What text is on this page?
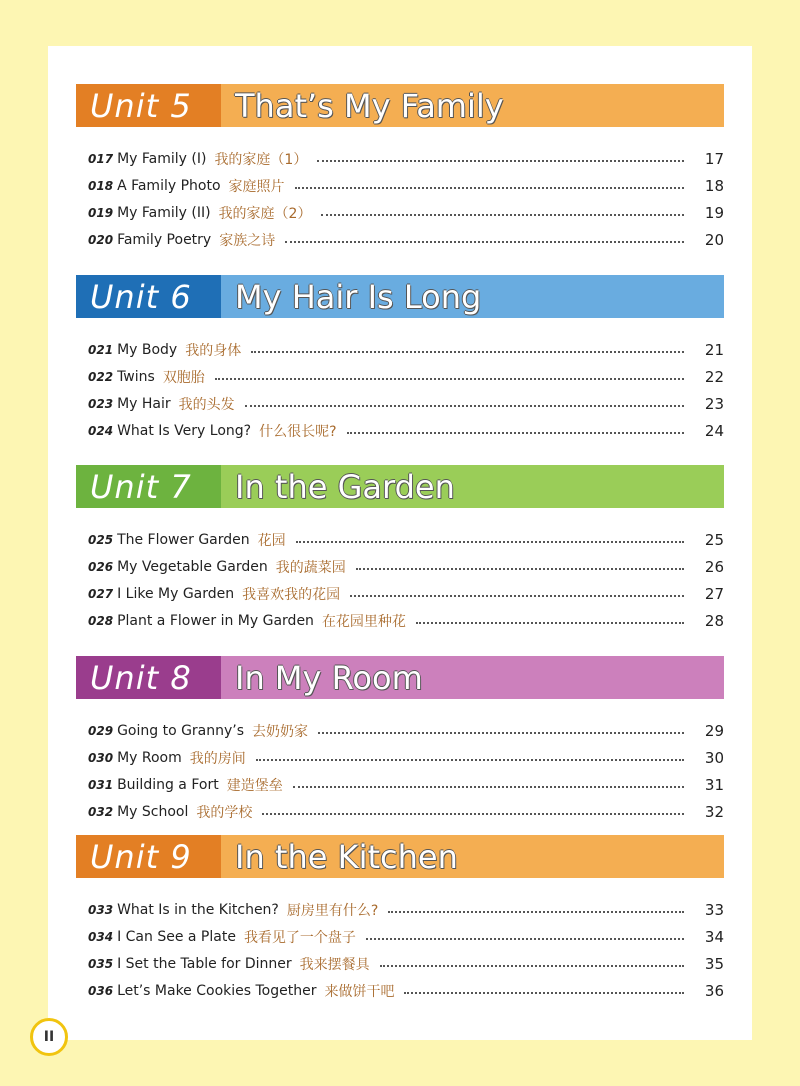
Unit 5	That’s My Family
017 My Family (I) 我的家庭（1）	17
018 A Family Photo 家庭照片	18
019 My Family (II) 我的家庭（2）	19
020 Family Poetry 家族之诗	20
Unit 6	My Hair Is Long
021 My Body 我的身体	21
022 Twins 双胞胎	22
023 My Hair 我的头发	23
024 What Is Very Long? 什么很长呢?	24
Unit 7	In the Garden
025 The Flower Garden 花园	25
026 My Vegetable Garden 我的蔬菜园	26
027 I Like My Garden 我喜欢我的花园	27
028 Plant a Flower in My Garden 在花园里种花	28
Unit 8	In My Room
029 Going to Granny’s 去奶奶家	29
030 My Room 我的房间	30
031 Building a Fort 建造堡垒	31
032 My School 我的学校	32
Unit 9	In the Kitchen
033 What Is in the Kitchen? 厨房里有什么?	33
034 I Can See a Plate 我看见了一个盘子	34
035 I Set the Table for Dinner 我来摆餐具	35
036 Let’s Make Cookies Together 来做饼干吧	36
II
